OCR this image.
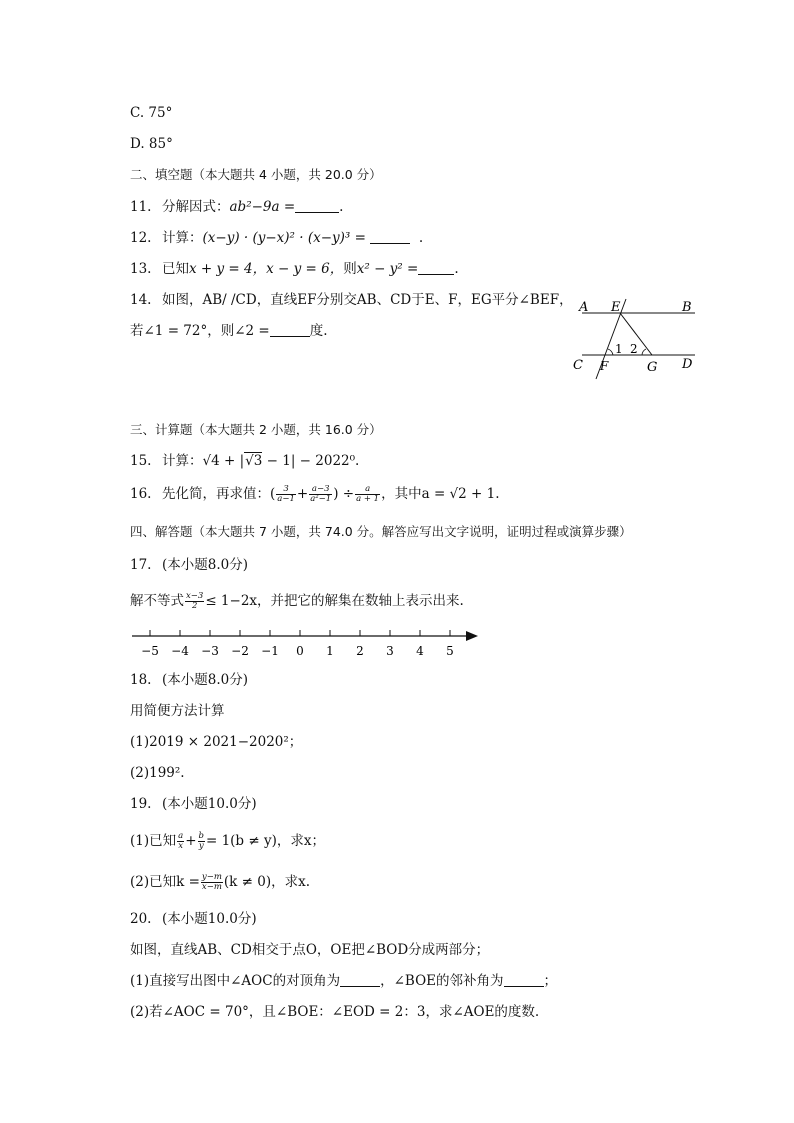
C. 75°
D. 85°
二、填空题（本大题共 4 小题，共 20.0 分）
11. 分解因式：ab²−9a =	.
12. 计算：(x−y) · (y−x)² · (x−y)³ =	.
13. 已知x + y = 4，x − y = 6，则x² − y² =	.
14. 如图，AB/ /CD，直线EF分别交AB、CD于E、F，EG平分∠BEF，
若∠1 = 72°，则∠2 =	度.
A E	B
C F	G D
1 2
三、计算题（本大题共 2 小题，共 16.0 分）
15. 计算：√4 + |√3 − 1| − 2022⁰.
16. 先化简，再求值：( $\frac{3}{a-1} + \frac{a-3}{\text{a²−1}}$ ) ÷ $\frac{a}{a + 1}$ ，其中a = √2 + 1.
四、解答题（本大题共 7 小题，共 74.0 分。解答应写出文字说明，证明过程或演算步骤）
17. (本小题8.0分)
解不等式 $\frac{x-3}{2} \le 1-2x$，并把它的解集在数轴上表示出来.
−5 −4 −3 −2 −1 0 1 2 3 4 5
18. (本小题8.0分)
用简便方法计算
(1)2019 × 2021−2020²；
(2)199².
19. (本小题10.0分)
(1)已知 $\frac{a}{x} + \frac{b}{y} = 1(b \ne y)$，求x；
(2)已知$k = \frac{y-m}{x-m} (k \ne 0)$，求x.
20. (本小题10.0分)
如图，直线AB、CD相交于点O，OE把∠BOD分成两部分；
(1)直接写出图中∠AOC的对顶角为	，∠BOE的邻补角为	；
(2)若∠AOC = 70°，且∠BOE：∠EOD = 2：3，求∠AOE的度数.
